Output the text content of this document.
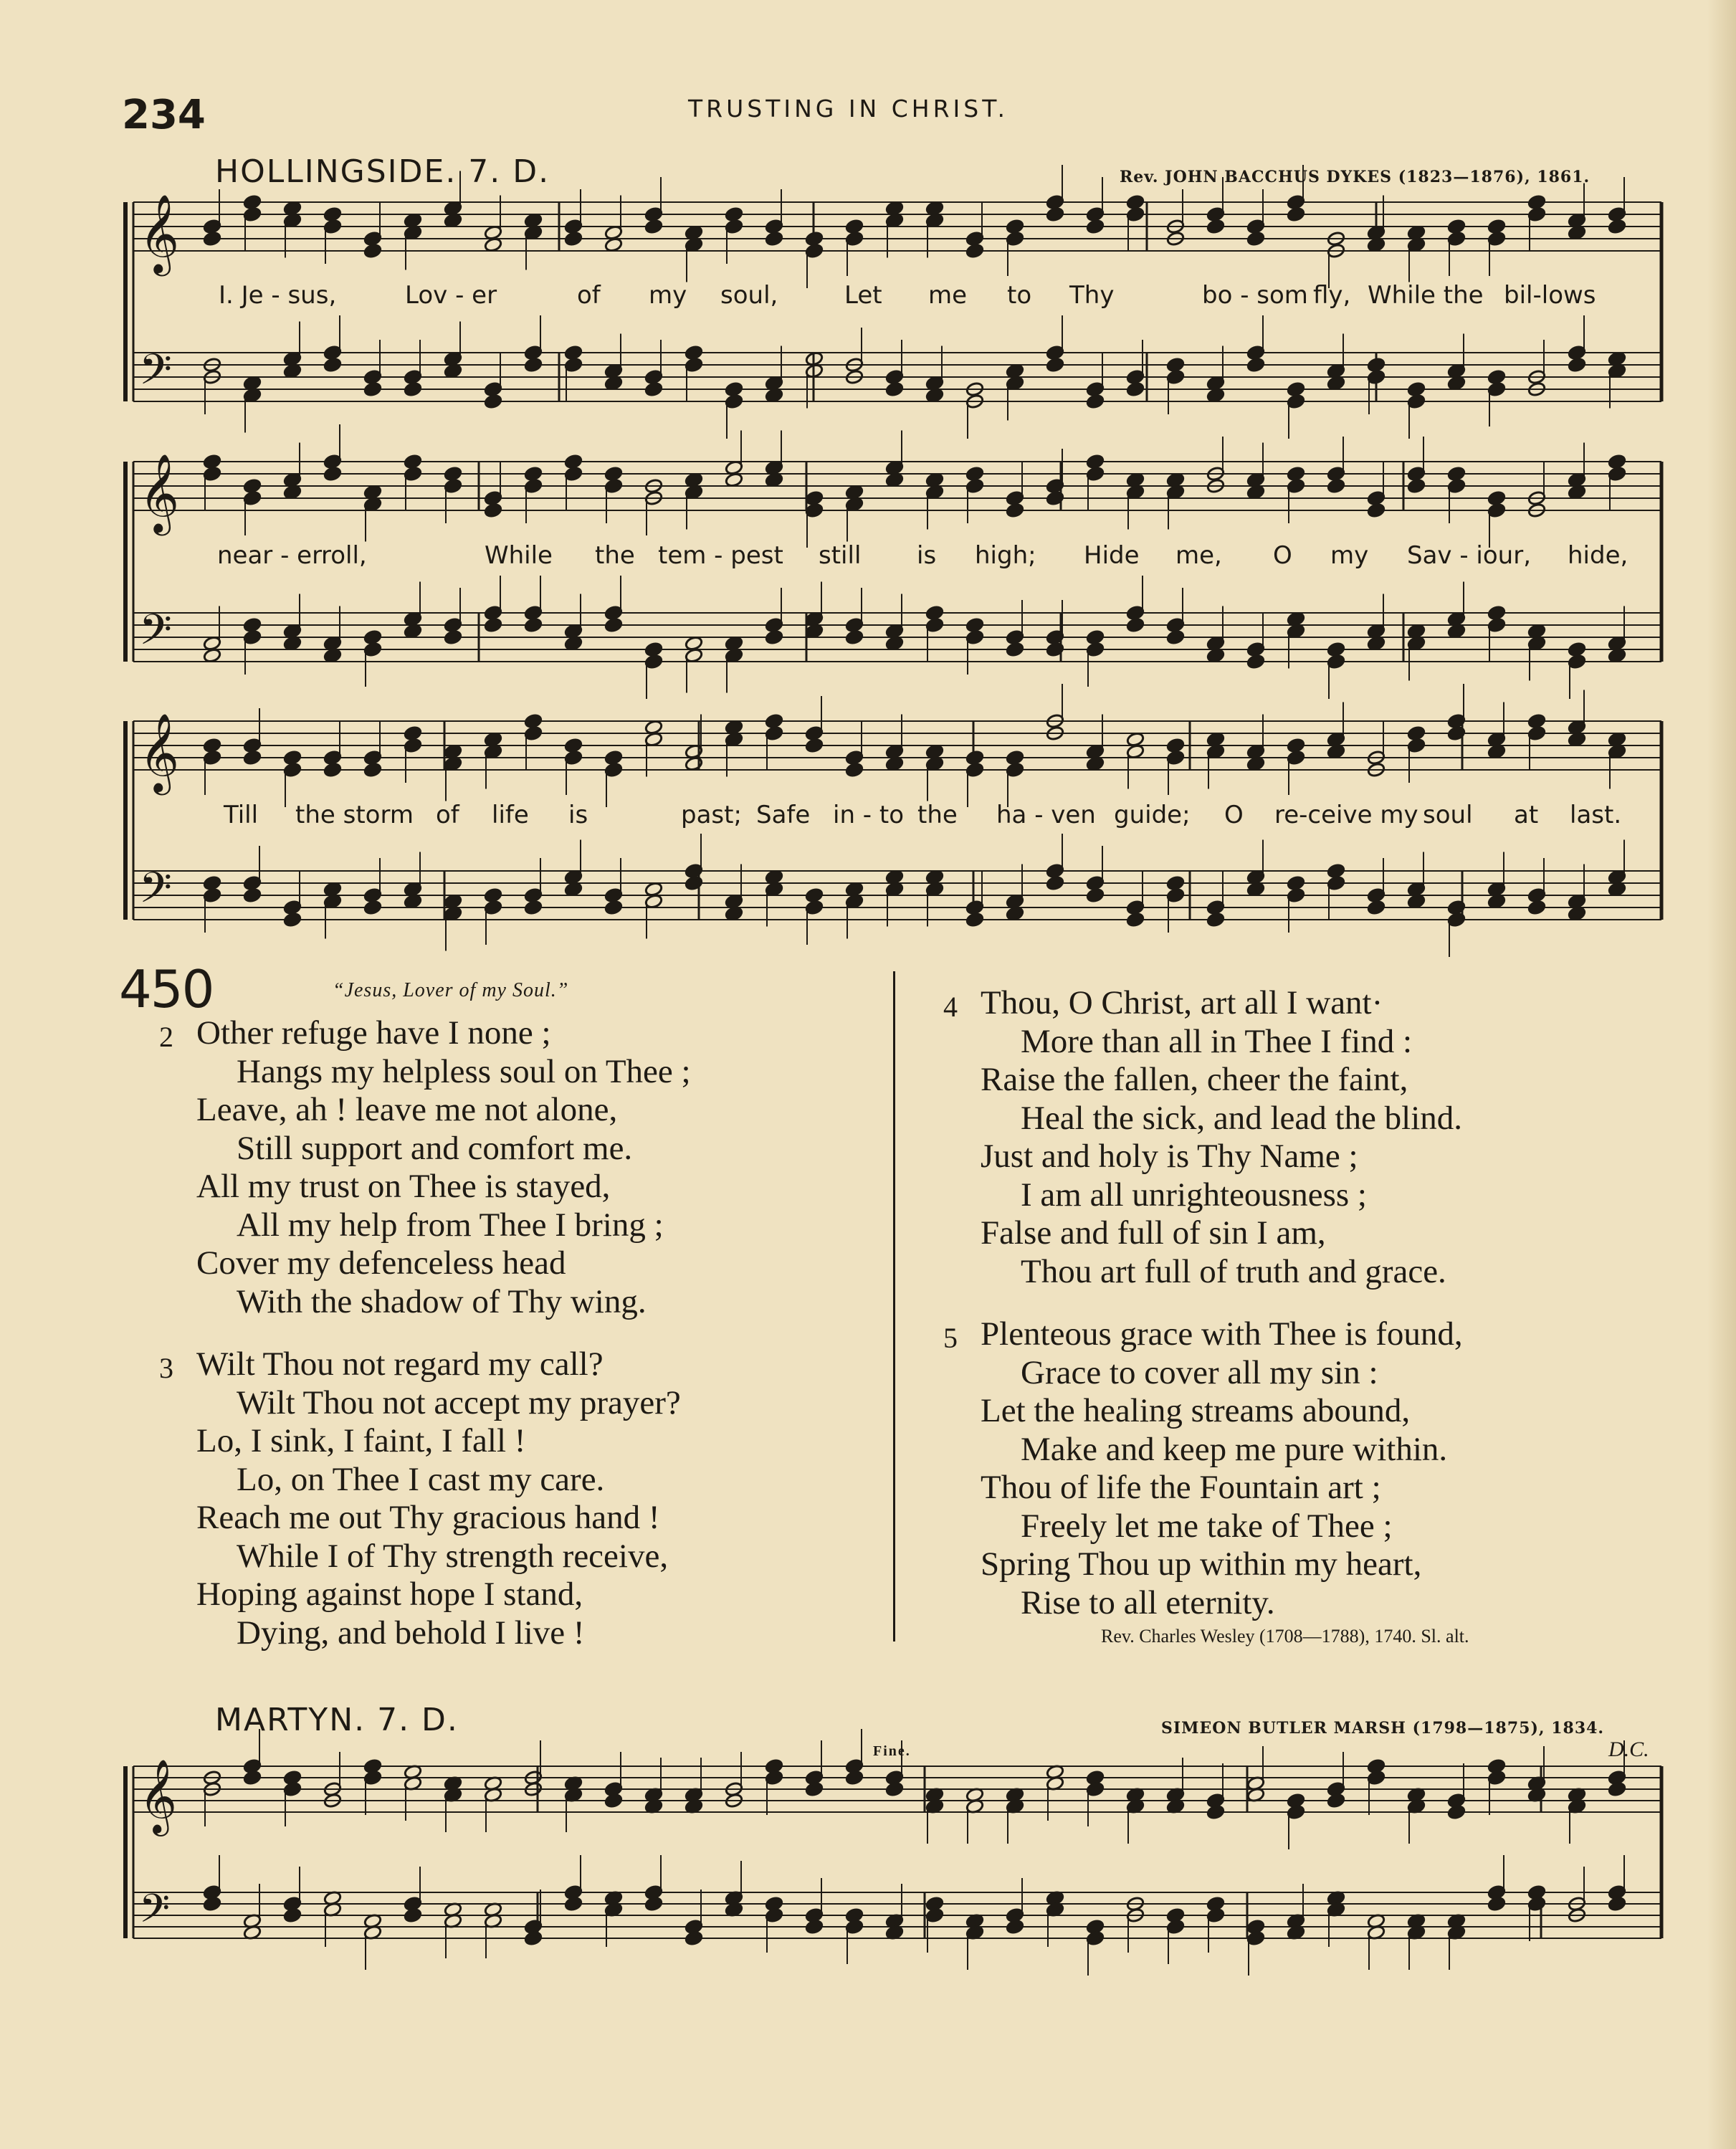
234	TRUSTING IN CHRIST.
HOLLINGSIDE. 7. D.	Rev. JOHN BACCHUS DYKES (1823—1876), 1861.
𝄞
𝄢
𝄞
𝄢
𝄞
𝄢
𝄞
𝄢
I. Je - sus,	Lov - er	of my soul,	Let me to Thy	bo - som fly, While the bil-lows
near - er
roll,	While the tem - pest still is high; Hide me, O my Sav - iour, hide,
Till the storm of life is	past; Safe in - to the ha - ven guide; O re-ceive my soul at last.
450	“Jesus, Lover of my Soul.”
2 Other refuge have I none ;
Hangs my helpless soul on Thee ;
Leave, ah ! leave me not alone,
Still support and comfort me.
All my trust on Thee is stayed,
All my help from Thee I bring ;
Cover my defenceless head
With the shadow of Thy wing.
3 Wilt Thou not regard my call?
Wilt Thou not accept my prayer?
Lo, I sink, I faint, I fall !
Lo, on Thee I cast my care.
Reach me out Thy gracious hand !
While I of Thy strength receive,
Hoping against hope I stand,
Dying, and behold I live !
4 Thou, O Christ, art all I want·
More than all in Thee I find :
Raise the fallen, cheer the faint,
Heal the sick, and lead the blind.
Just and holy is Thy Name ;
I am all unrighteousness ;
False and full of sin I am,
Thou art full of truth and grace.
5 Plenteous grace with Thee is found,
Grace to cover all my sin :
Let the healing streams abound,
Make and keep me pure within.
Thou of life the Fountain art ;
Freely let me take of Thee ;
Spring Thou up within my heart,
Rise to all eternity.
Rev. Charles Wesley (1708—1788), 1740. Sl. alt.
MARTYN. 7. D.	SIMEON BUTLER MARSH (1798—1875), 1834.
Fine.	D.C.
